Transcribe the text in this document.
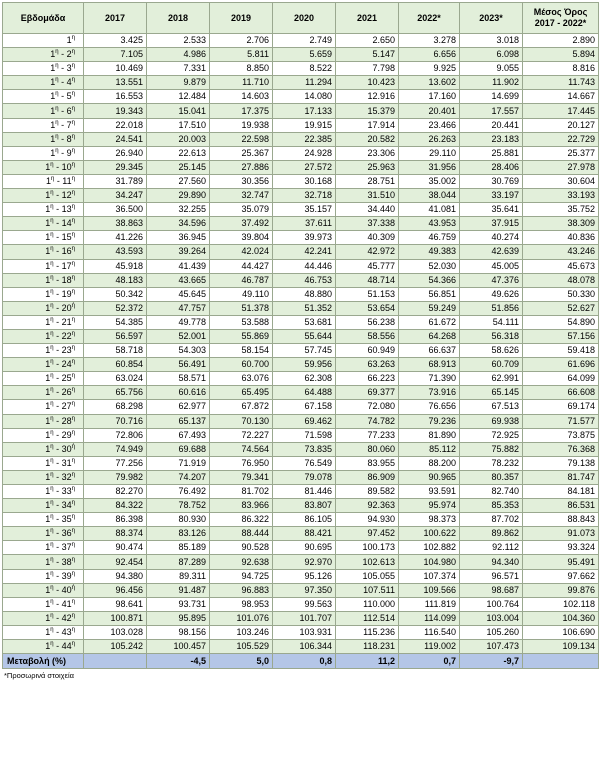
Εβδομάδα	2017	2018	2019	2020	2021	2022*	2023*	Μέσος Όρος
2017 - 2022*

$1^\eta$	3.425	2.533	2.706	2.749	2.650	3.278	3.018	2.890
$1^\eta - 2^\eta$	7.105	4.986	5.811	5.659	5.147	6.656	6.098	5.894
$1^\eta - 3^\eta$	10.469	7.331	8.850	8.522	7.798	9.925	9.055	8.816
$1^\eta - 4^\eta$	13.551	9.879	11.710	11.294	10.423	13.602	11.902	11.743
$1^\eta - 5^\eta$	16.553	12.484	14.603	14.080	12.916	17.160	14.699	14.667
$1^\eta - 6^\eta$	19.343	15.041	17.375	17.133	15.379	20.401	17.557	17.445
$1^\eta - 7^\eta$	22.018	17.510	19.938	19.915	17.914	23.466	20.441	20.127
$1^\eta - 8^\eta$	24.541	20.003	22.598	22.385	20.582	26.263	23.183	22.729
$1^\eta - 9^\eta$	26.940	22.613	25.367	24.928	23.306	29.110	25.881	25.377
$1^\eta - 10^\eta$	29.345	25.145	27.886	27.572	25.963	31.956	28.406	27.978
$1^\eta - 11^\eta$	31.789	27.560	30.356	30.168	28.751	35.002	30.769	30.604
$1^\eta - 12^\eta$	34.247	29.890	32.747	32.718	31.510	38.044	33.197	33.193
$1^\eta - 13^\eta$	36.500	32.255	35.079	35.157	34.440	41.081	35.641	35.752
$1^\eta - 14^\eta$	38.863	34.596	37.492	37.611	37.338	43.953	37.915	38.309
$1^\eta - 15^\eta$	41.226	36.945	39.804	39.973	40.309	46.759	40.274	40.836
$1^\eta - 16^\eta$	43.593	39.264	42.024	42.241	42.972	49.383	42.639	43.246
$1^\eta - 17^\eta$	45.918	41.439	44.427	44.446	45.777	52.030	45.005	45.673
$1^\eta - 18^\eta$	48.183	43.665	46.787	46.753	48.714	54.366	47.376	48.078
$1^\eta - 19^\eta$	50.342	45.645	49.110	48.880	51.153	56.851	49.626	50.330
$1^\eta - 20^ή$	52.372	47.757	51.378	51.352	53.654	59.249	51.856	52.627
$1^\eta - 21^\eta$	54.385	49.778	53.588	53.681	56.238	61.672	54.111	54.890
$1^\eta - 22^\eta$	56.597	52.001	55.869	55.644	58.556	64.268	56.318	57.156
$1^\eta - 23^\eta$	58.718	54.303	58.154	57.745	60.949	66.637	58.626	59.418
$1^\eta - 24^\eta$	60.854	56.491	60.700	59.956	63.263	68.913	60.709	61.696
$1^\eta - 25^\eta$	63.024	58.571	63.076	62.308	66.223	71.390	62.991	64.099
$1^\eta - 26^\eta$	65.756	60.616	65.495	64.488	69.377	73.916	65.145	66.608
$1^\eta - 27^\eta$	68.298	62.977	67.872	67.158	72.080	76.656	67.513	69.174
$1^\eta - 28^\eta$	70.716	65.137	70.130	69.462	74.782	79.236	69.938	71.577
$1^\eta - 29^\eta$	72.806	67.493	72.227	71.598	77.233	81.890	72.925	73.875
$1^\eta - 30^ή$	74.949	69.688	74.564	73.835	80.060	85.112	75.882	76.368
$1^\eta - 31^\eta$	77.256	71.919	76.950	76.549	83.955	88.200	78.232	79.138
$1^\eta - 32^\eta$	79.982	74.207	79.341	79.078	86.909	90.965	80.357	81.747
$1^\eta - 33^\eta$	82.270	76.492	81.702	81.446	89.582	93.591	82.740	84.181
$1^\eta - 34^\eta$	84.322	78.752	83.966	83.807	92.363	95.974	85.353	86.531
$1^\eta - 35^\eta$	86.398	80.930	86.322	86.105	94.930	98.373	87.702	88.843
$1^\eta - 36^\eta$	88.374	83.126	88.444	88.421	97.452	100.622	89.862	91.073
$1^\eta - 37^\eta$	90.474	85.189	90.528	90.695	100.173	102.882	92.112	93.324
$1^\eta - 38^\eta$	92.454	87.289	92.638	92.970	102.613	104.980	94.340	95.491
$1^\eta - 39^\eta$	94.380	89.311	94.725	95.126	105.055	107.374	96.571	97.662
$1^\eta - 40^ή$	96.456	91.487	96.883	97.350	107.511	109.566	98.687	99.876
$1^\eta - 41^\eta$	98.641	93.731	98.953	99.563	110.000	111.819	100.764	102.118
$1^\eta - 42^\eta$	100.871	95.895	101.076	101.707	112.514	114.099	103.004	104.360
$1^\eta - 43^\eta$	103.028	98.156	103.246	103.931	115.236	116.540	105.260	106.690
$1^\eta - 44^\eta$	105.242	100.457	105.529	106.344	118.231	119.002	107.473	109.134
Μεταβολή (%)		-4,5	5,0	0,8	11,2	0,7	-9,7	
*Προσωρινά στοιχεία
